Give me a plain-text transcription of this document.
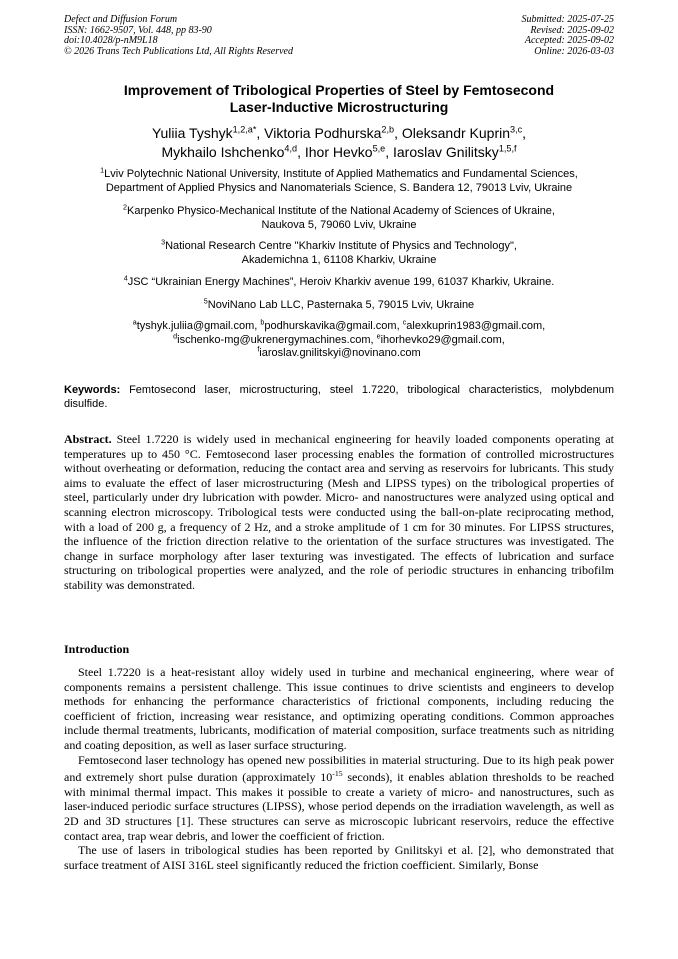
Defect and Diffusion Forum
ISSN: 1662-9507, Vol. 448, pp 83-90
doi:10.4028/p-nM9L18
© 2026 Trans Tech Publications Ltd, All Rights Reserved
Submitted: 2025-07-25
Revised: 2025-09-02
Accepted: 2025-09-02
Online: 2026-03-03
Improvement of Tribological Properties of Steel by Femtosecond
Laser-Inductive Microstructuring
Yuliia Tyshyk$^{1,2,a*}$, Viktoria Podhurska$^{2,b}$, Oleksandr Kuprin$^{3,c}$,
Mykhailo Ishchenko$^{4,d}$, Ihor Hevko$^{5,e}$, Iaroslav Gnilitsky$^{1,5,f}$
$^1$Lviv Polytechnic National University, Institute of Applied Mathematics and Fundamental Sciences,
Department of Applied Physics and Nanomaterials Science, S. Bandera 12, 79013 Lviv, Ukraine
$^2$Karpenko Physico-Mechanical Institute of the National Academy of Sciences of Ukraine,
Naukova 5, 79060 Lviv, Ukraine
$^3$National Research Centre "Kharkiv Institute of Physics and Technology",
Akademichna 1, 61108 Kharkiv, Ukraine
$^4$JSC “Ukrainian Energy Machines”, Heroiv Kharkiv avenue 199, 61037 Kharkiv, Ukraine.
$^5$NoviNano Lab LLC, Pasternaka 5, 79015 Lviv, Ukraine
$^a$tyshyk.juliia@gmail.com, $^b$podhurskavika@gmail.com, $^c$alexkuprin1983@gmail.com,
$^d$ischenko-mg@ukrenergymachines.com, $^e$ihorhevko29@gmail.com,
$^f$iaroslav.gnilitskyi@novinano.com
Keywords: Femtosecond laser, microstructuring, steel 1.7220, tribological characteristics, molybdenum disulfide.
Abstract. Steel 1.7220 is widely used in mechanical engineering for heavily loaded components operating at temperatures up to 450 °C. Femtosecond laser processing enables the formation of controlled microstructures without overheating or deformation, reducing the contact area and serving as reservoirs for lubricants. This study aims to evaluate the effect of laser microstructuring (Mesh and LIPSS types) on the tribological properties of steel, particularly under dry lubrication with powder. Micro- and nanostructures were analyzed using optical and scanning electron microscopy. Tribological tests were conducted using the ball-on-plate reciprocating method, with a load of 200 g, a frequency of 2 Hz, and a stroke amplitude of 1 cm for 30 minutes. For LIPSS structures, the influence of the friction direction relative to the orientation of the surface structures was investigated. The change in surface morphology after laser texturing was investigated. The effects of lubrication and surface structuring on tribological properties were analyzed, and the role of periodic structures in enhancing tribofilm stability was demonstrated.
Introduction

Steel 1.7220 is a heat-resistant alloy widely used in turbine and mechanical engineering, where wear of components remains a persistent challenge. This issue continues to drive scientists and engineers to develop methods for enhancing the performance characteristics of frictional components, including reducing the coefficient of friction, increasing wear resistance, and optimizing operating conditions. Common approaches include thermal treatments, lubricants, modification of material composition, surface treatments such as nitriding and coating deposition, as well as laser surface structuring.

Femtosecond laser technology has opened new possibilities in material structuring. Due to its high peak power and extremely short pulse duration (approximately $10^{-15}$ seconds), it enables ablation thresholds to be reached with minimal thermal impact. This makes it possible to create a variety of micro- and nanostructures, such as laser-induced periodic surface structures (LIPSS), whose period depends on the irradiation wavelength, as well as 2D and 3D structures [1]. These structures can serve as microscopic lubricant reservoirs, reduce the effective contact area, trap wear debris, and lower the coefficient of friction.

The use of lasers in tribological studies has been reported by Gnilitskyi et al. [2], who demonstrated that surface treatment of AISI 316L steel significantly reduced the friction coefficient. Similarly, Bonse
